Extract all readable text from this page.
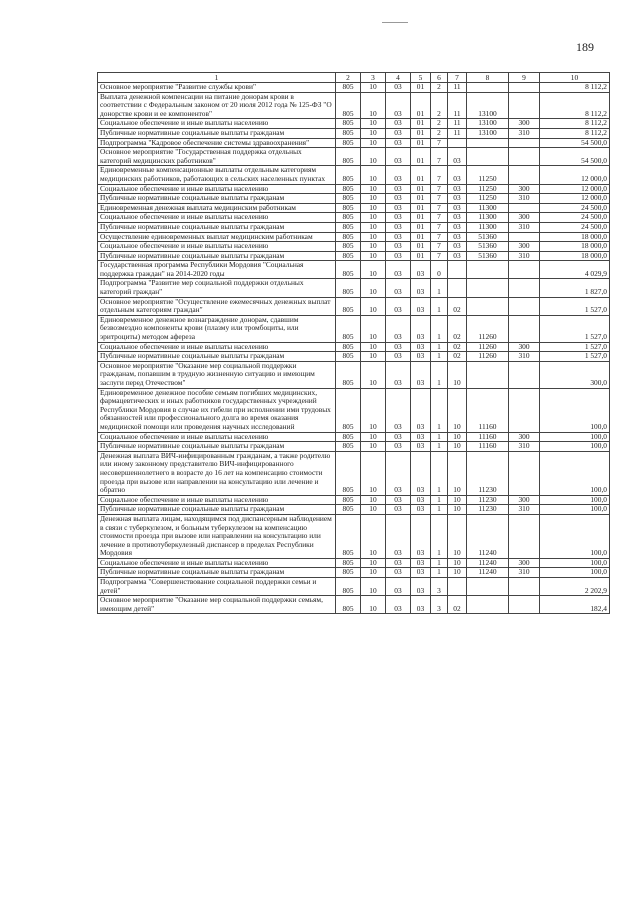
189
1	2	3	4	5	6	7	8	9	10
Основное мероприятие "Развитие службы крови"	805	10	03	01	2	11			8 112,2
Выплата денежной компенсации на питание донорам крови в соответствии с Федеральным законом от 20 июля 2012 года № 125-ФЗ "О донорстве крови и ее компонентов"	805	10	03	01	2	11	13100		8 112,2
Социальное обеспечение и иные выплаты населению	805	10	03	01	2	11	13100	300	8 112,2
Публичные нормативные социальные выплаты гражданам	805	10	03	01	2	11	13100	310	8 112,2
Подпрограмма "Кадровое обеспечение системы здравоохранения"	805	10	03	01	7				54 500,0
Основное мероприятие "Государственная поддержка отдельных категорий медицинских работников"	805	10	03	01	7	03			54 500,0
Единовременные компенсационные выплаты отдельным категориям медицинских работников, работающих в сельских населенных пунктах	805	10	03	01	7	03	11250		12 000,0
Социальное обеспечение и иные выплаты населению	805	10	03	01	7	03	11250	300	12 000,0
Публичные нормативные социальные выплаты гражданам	805	10	03	01	7	03	11250	310	12 000,0
Единовременная денежная выплата медицинским работникам	805	10	03	01	7	03	11300		24 500,0
Социальное обеспечение и иные выплаты населению	805	10	03	01	7	03	11300	300	24 500,0
Публичные нормативные социальные выплаты гражданам	805	10	03	01	7	03	11300	310	24 500,0
Осуществление единовременных выплат медицинским работникам	805	10	03	01	7	03	51360		18 000,0
Социальное обеспечение и иные выплаты населению	805	10	03	01	7	03	51360	300	18 000,0
Публичные нормативные социальные выплаты гражданам	805	10	03	01	7	03	51360	310	18 000,0
Государственная программа Республики Мордовия "Социальная поддержка граждан" на 2014-2020 годы	805	10	03	03	0				4 029,9
Подпрограмма "Развитие мер социальной поддержки отдельных категорий граждан"	805	10	03	03	1				1 827,0
Основное мероприятие "Осуществление ежемесячных денежных выплат отдельным категориям граждан"	805	10	03	03	1	02			1 527,0
Единовременное денежное вознаграждение донорам, сдавшим безвозмездно компоненты крови (плазму или тромбоциты, или эритроциты) методом афереза	805	10	03	03	1	02	11260		1 527,0
Социальное обеспечение и иные выплаты населению	805	10	03	03	1	02	11260	300	1 527,0
Публичные нормативные социальные выплаты гражданам	805	10	03	03	1	02	11260	310	1 527,0
Основное мероприятие "Оказание мер социальной поддержки гражданам, попавшим в трудную жизненную ситуацию и имеющим заслуги перед Отечеством"	805	10	03	03	1	10			300,0
Единовременное денежное пособие семьям погибших медицинских, фармацевтических и иных работников государственных учреждений Республики Мордовия в случае их гибели при исполнении ими трудовых обязанностей или профессионального долга во время оказания медицинской помощи или проведения научных исследований	805	10	03	03	1	10	11160		100,0
Социальное обеспечение и иные выплаты населению	805	10	03	03	1	10	11160	300	100,0
Публичные нормативные социальные выплаты гражданам	805	10	03	03	1	10	11160	310	100,0
Денежная выплата ВИЧ-инфицированным гражданам, а также родителю или иному законному представителю ВИЧ-инфицированного несовершеннолетнего в возрасте до 16 лет на компенсацию стоимости проезда при вызове или направлении на консультацию или лечение и обратно	805	10	03	03	1	10	11230		100,0
Социальное обеспечение и иные выплаты населению	805	10	03	03	1	10	11230	300	100,0
Публичные нормативные социальные выплаты гражданам	805	10	03	03	1	10	11230	310	100,0
Денежная выплата лицам, находящимся под диспансерным наблюдением в связи с туберкулезом, и больным туберкулезом на компенсацию стоимости проезда при вызове или направлении на консультацию или лечение в противотуберкулезный диспансер в пределах Республики Мордовия	805	10	03	03	1	10	11240		100,0
Социальное обеспечение и иные выплаты населению	805	10	03	03	1	10	11240	300	100,0
Публичные нормативные социальные выплаты гражданам	805	10	03	03	1	10	11240	310	100,0
Подпрограмма "Совершенствование социальной поддержки семьи и детей"	805	10	03	03	3				2 202,9
Основное мероприятие "Оказание мер социальной поддержки семьям, имеющим детей"	805	10	03	03	3	02			182,4
